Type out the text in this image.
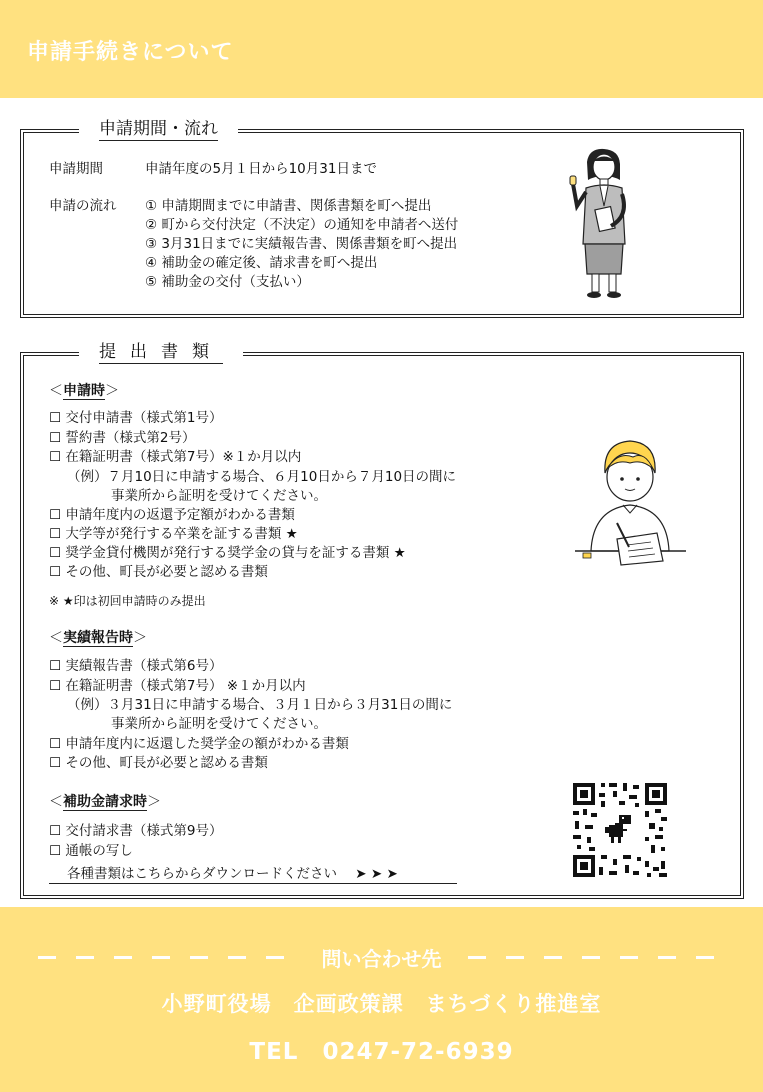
申請手続きについて
申請期間・流れ
申請期間	申請年度の5月１日から10月31日まで
申請の流れ ① 申請期間までに申請書、関係書類を町へ提出
② 町から交付決定（不決定）の通知を申請者へ送付
③ 3月31日までに実績報告書、関係書類を町へ提出
④ 補助金の確定後、請求書を町へ提出
⑤ 補助金の交付（支払い）
提出書類
＜申請時＞
☐ 交付申請書（様式第1号）
☐ 誓約書（様式第2号）
☐ 在籍証明書（様式第7号）※１か月以内
（例）７月10日に申請する場合、６月10日から７月10日の間に
事業所から証明を受けてください。
☐ 申請年度内の返還予定額がわかる書類
☐ 大学等が発行する卒業を証する書類 ★
☐ 奨学金貸付機関が発行する奨学金の貸与を証する書類 ★
☐ その他、町長が必要と認める書類
※ ★印は初回申請時のみ提出
＜実績報告時＞
☐ 実績報告書（様式第6号）
☐ 在籍証明書（様式第7号） ※１か月以内
（例）３月31日に申請する場合、３月１日から３月31日の間に
事業所から証明を受けてください。
☐ 申請年度内に返還した奨学金の額がわかる書類
☐ その他、町長が必要と認める書類
＜補助金請求時＞
☐ 交付請求書（様式第9号）
☐ 通帳の写し
各種書類はこちらからダウンロードください ➤ ➤ ➤
問い合わせ先
小野町役場　企画政策課　まちづくり推進室
TEL　0247-72-6939
